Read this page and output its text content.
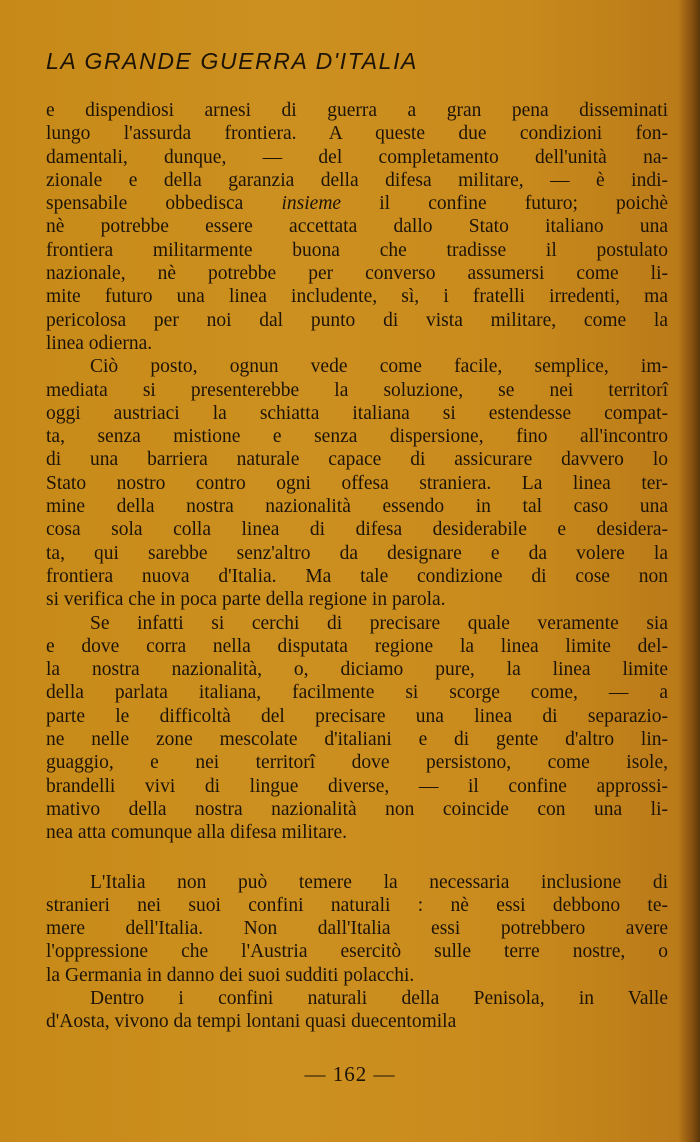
LA GRANDE GUERRA D'ITALIA
e dispendiosi arnesi di guerra a gran pena disseminati
lungo l'assurda frontiera. A queste due condizioni fon-
damentali, dunque, — del completamento dell'unità na-
zionale e della garanzia della difesa militare, — è indi-
spensabile obbedisca insieme il confine futuro; poichè
nè potrebbe essere accettata dallo Stato italiano una
frontiera militarmente buona che tradisse il postulato
nazionale, nè potrebbe per converso assumersi come li-
mite futuro una linea includente, sì, i fratelli irredenti, ma
pericolosa per noi dal punto di vista militare, come la
linea odierna.
Ciò posto, ognun vede come facile, semplice, im-
mediata si presenterebbe la soluzione, se nei territorî
oggi austriaci la schiatta italiana si estendesse compat-
ta, senza mistione e senza dispersione, fino all'incontro
di una barriera naturale capace di assicurare davvero lo
Stato nostro contro ogni offesa straniera. La linea ter-
mine della nostra nazionalità essendo in tal caso una
cosa sola colla linea di difesa desiderabile e desidera-
ta, qui sarebbe senz'altro da designare e da volere la
frontiera nuova d'Italia. Ma tale condizione di cose non
si verifica che in poca parte della regione in parola.
Se infatti si cerchi di precisare quale veramente sia
e dove corra nella disputata regione la linea limite del-
la nostra nazionalità, o, diciamo pure, la linea limite
della parlata italiana, facilmente si scorge come, — a
parte le difficoltà del precisare una linea di separazio-
ne nelle zone mescolate d'italiani e di gente d'altro lin-
guaggio, e nei territorî dove persistono, come isole,
brandelli vivi di lingue diverse, — il confine approssi-
mativo della nostra nazionalità non coincide con una li-
nea atta comunque alla difesa militare.
L'Italia non può temere la necessaria inclusione di
stranieri nei suoi confini naturali : nè essi debbono te-
mere dell'Italia. Non dall'Italia essi potrebbero avere
l'oppressione che l'Austria esercitò sulle terre nostre, o
la Germania in danno dei suoi sudditi polacchi.
Dentro i confini naturali della Penisola, in Valle
d'Aosta, vivono da tempi lontani quasi duecentomila
— 162 —
